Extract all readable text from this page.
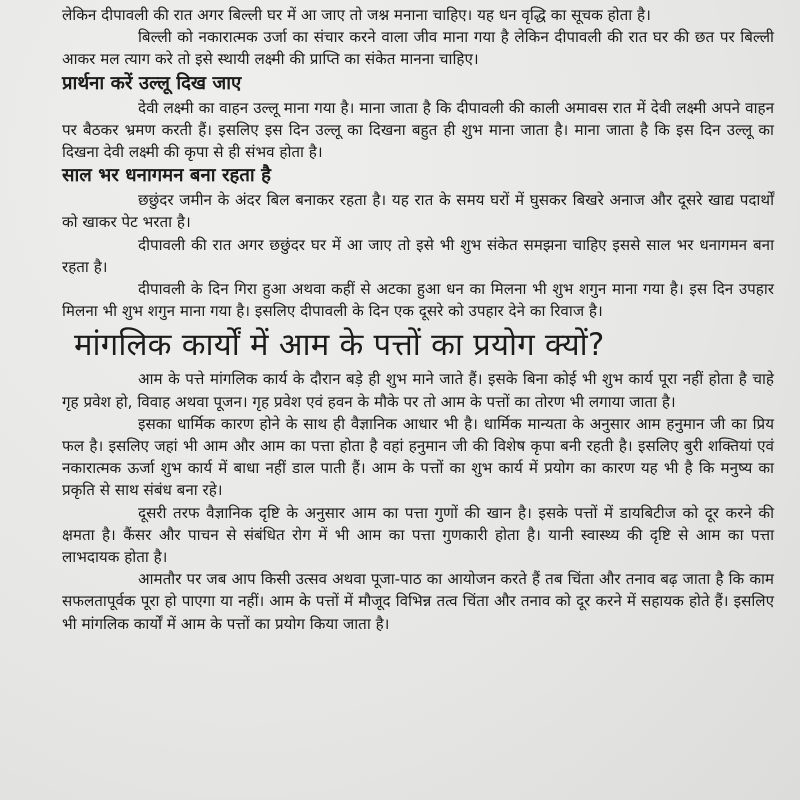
लेकिन दीपावली की रात अगर बिल्ली घर में आ जाए तो जश्न मनाना चाहिए। यह धन वृद्धि का सूचक होता है।

बिल्ली को नकारात्मक उर्जा का संचार करने वाला जीव माना गया है लेकिन दीपावली की रात घर की छत पर बिल्ली आकर मल त्याग करे तो इसे स्थायी लक्ष्मी की प्राप्ति का संकेत मानना चाहिए।

प्रार्थना करें उल्लू दिख जाए

देवी लक्ष्मी का वाहन उल्लू माना गया है। माना जाता है कि दीपावली की काली अमावस रात में देवी लक्ष्मी अपने वाहन पर बैठकर भ्रमण करती हैं। इसलिए इस दिन उल्लू का दिखना बहुत ही शुभ माना जाता है। माना जाता है कि इस दिन उल्लू का दिखना देवी लक्ष्मी की कृपा से ही संभव होता है।

साल भर धनागमन बना रहता है

छछुंदर जमीन के अंदर बिल बनाकर रहता है। यह रात के समय घरों में घुसकर बिखरे अनाज और दूसरे खाद्य पदार्थों को खाकर पेट भरता है।

दीपावली की रात अगर छछुंदर घर में आ जाए तो इसे भी शुभ संकेत समझना चाहिए इससे साल भर धनागमन बना रहता है।

दीपावली के दिन गिरा हुआ अथवा कहीं से अटका हुआ धन का मिलना भी शुभ शगुन माना गया है। इस दिन उपहार मिलना भी शुभ शगुन माना गया है। इसलिए दीपावली के दिन एक दूसरे को उपहार देने का रिवाज है।

मांगलिक कार्यों में आम के पत्तों का प्रयोग क्यों?

आम के पत्ते मांगलिक कार्य के दौरान बड़े ही शुभ माने जाते हैं। इसके बिना कोई भी शुभ कार्य पूरा नहीं होता है चाहे गृह प्रवेश हो, विवाह अथवा पूजन। गृह प्रवेश एवं हवन के मौके पर तो आम के पत्तों का तोरण भी लगाया जाता है।

इसका धार्मिक कारण होने के साथ ही वैज्ञानिक आधार भी है। धार्मिक मान्यता के अनुसार आम हनुमान जी का प्रिय फल है। इसलिए जहां भी आम और आम का पत्ता होता है वहां हनुमान जी की विशेष कृपा बनी रहती है। इसलिए बुरी शक्तियां एवं नकारात्मक ऊर्जा शुभ कार्य में बाधा नहीं डाल पाती हैं। आम के पत्तों का शुभ कार्य में प्रयोग का कारण यह भी है कि मनुष्य का प्रकृति से साथ संबंध बना रहे।

दूसरी तरफ वैज्ञानिक दृष्टि के अनुसार आम का पत्ता गुणों की खान है। इसके पत्तों में डायबिटीज को दूर करने की क्षमता है। कैंसर और पाचन से संबंधित रोग में भी आम का पत्ता गुणकारी होता है। यानी स्वास्थ्य की दृष्टि से आम का पत्ता लाभदायक होता है।

आमतौर पर जब आप किसी उत्सव अथवा पूजा-पाठ का आयोजन करते हैं तब चिंता और तनाव बढ़ जाता है कि काम सफलतापूर्वक पूरा हो पाएगा या नहीं। आम के पत्तों में मौजूद विभिन्न तत्व चिंता और तनाव को दूर करने में सहायक होते हैं। इसलिए भी मांगलिक कार्यों में आम के पत्तों का प्रयोग किया जाता है।
